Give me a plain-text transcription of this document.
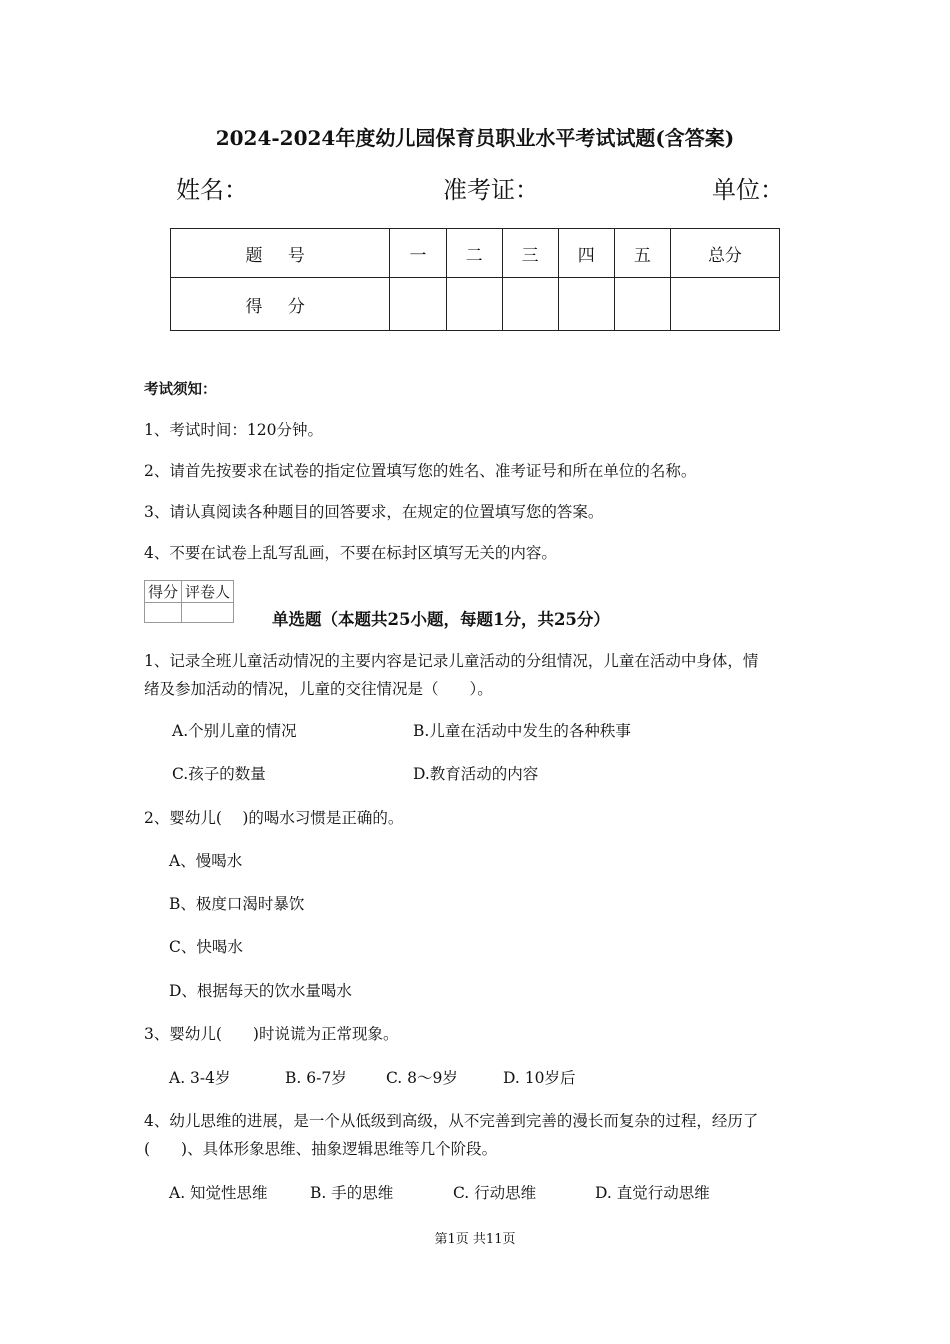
2024-2024年度幼儿园保育员职业水平考试试题(含答案)
姓名：	准考证：	单位：
题 号	一	二	三	四	五	总分
得 分						
考试须知：
1、考试时间：120分钟。
2、请首先按要求在试卷的指定位置填写您的姓名、准考证号和所在单位的名称。
3、请认真阅读各种题目的回答要求，在规定的位置填写您的答案。
4、不要在试卷上乱写乱画，不要在标封区填写无关的内容。
得分	评卷人

单选题（本题共25小题，每题1分，共25分）
1、记录全班儿童活动情况的主要内容是记录儿童活动的分组情况，儿童在活动中身体，情
绪及参加活动的情况，儿童的交往情况是（　　）。
A.个别儿童的情况	B.儿童在活动中发生的各种秩事
C.孩子的数量	D.教育活动的内容
2、婴幼儿(　 )的喝水习惯是正确的。
A、慢喝水
B、极度口渴时暴饮
C、快喝水
D、根据每天的饮水量喝水
3、婴幼儿(　　)时说谎为正常现象。
A. 3-4岁	B. 6-7岁	C. 8～9岁	D. 10岁后
4、幼儿思维的进展，是一个从低级到高级，从不完善到完善的漫长而复杂的过程，经历了
(　　)、具体形象思维、抽象逻辑思维等几个阶段。
A. 知觉性思维	B. 手的思维	C. 行动思维	D. 直觉行动思维
第1页 共11页
